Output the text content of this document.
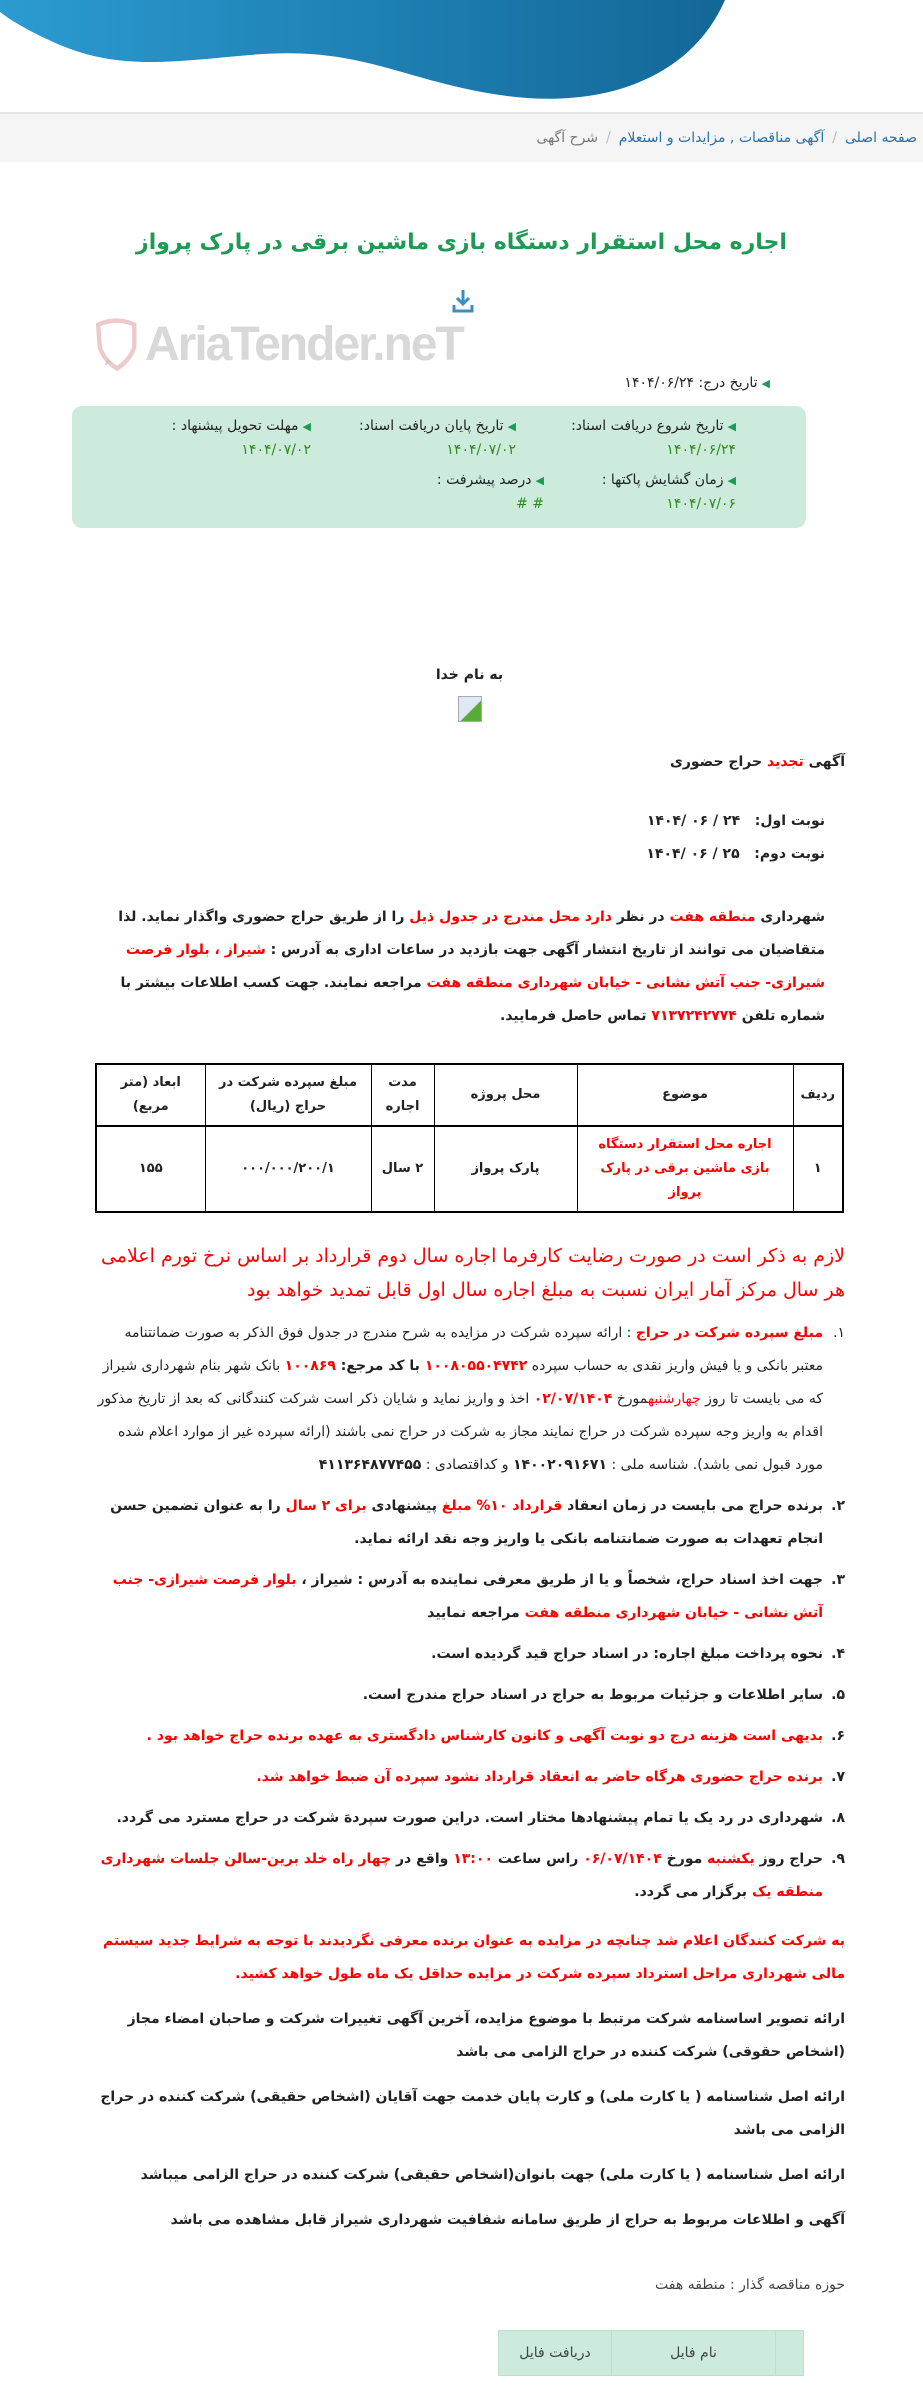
صفحه اصلی
/
آگهی مناقصات , مزایدات و استعلام
/
شرح آگهی
اجاره محل استقرار دستگاه بازی ماشین برقی در پارک پرواز
AriaTender.neT
◀تاریخ درج: ۱۴۰۴/۰۶/۲۴
◀تاریخ شروع دریافت اسناد:
۱۴۰۴/۰۶/۲۴
◀تاریخ پایان دریافت اسناد:
۱۴۰۴/۰۷/۰۲
◀مهلت تحویل پیشنهاد :
۱۴۰۴/۰۷/۰۲
◀زمان گشایش پاکتها :
۱۴۰۴/۰۷/۰۶
◀درصد پیشرفت :
# #
به نام خدا
آگهی تجدید حراج حضوری
نوبت اول:   ۲۴ / ۰۶ /۱۴۰۴
نوبت دوم:   ۲۵ / ۰۶ /۱۴۰۴

شهرداری منطقه هفت در نظر دارد محل مندرج در جدول ذیل را از طریق حراج حضوری واگذار نماید. لذا متقاضیان می توانند از تاریخ انتشار آگهی جهت بازدید در ساعات اداری به آدرس : شیراز ، بلوار فرصت شیرازی- جنب آتش نشانی - خیابان شهرداری منطقه هفت مراجعه نمایند. جهت کسب اطلاعات بیشتر با شماره تلفن ۷۱۳۷۲۴۲۷۷۴ تماس حاصل فرمایید.

ردیف	موضوع	محل پروژه	مدت اجاره	مبلغ سپرده شرکت در حراج (ریال)	ابعاد (متر مربع)
۱	اجاره محل استقرار دستگاه بازی ماشین برقی در پارک پرواز	پارک پرواز	۲ سال	۰۰۰/۰۰۰/۲۰۰/۱	۱۵۵

لازم به ذکر است در صورت رضایت کارفرما اجاره سال دوم قرارداد بر اساس نرخ تورم اعلامی هر سال مرکز آمار ایران نسبت به مبلغ اجاره سال اول قابل تمدید خواهد بود

۱.
مبلغ سپرده شرکت در حراج : ارائه سپرده شرکت در مزایده به شرح مندرج در جدول فوق الذکر به صورت ضمانتنامه معتبر بانکی و یا فیش واریز نقدی به حساب سپرده ۱۰۰۸۰۵۵۰۴۷۴۲ با کد مرجع: ۱۰۰۸۶۹ بانک شهر بنام شهرداری شیراز که می بایست تا روز چهارشنبهمورخ ۰۲/۰۷/۱۴۰۴ اخذ و واریز نماید و شایان ذکر است شرکت کنندگانی که بعد از تاریخ مذکور اقدام به واریز وجه سپرده شرکت در حراج نمایند مجاز به شرکت در حراج نمی باشند (ارائه سپرده غیر از موارد اعلام شده مورد قبول نمی باشد). شناسه ملی : ۱۴۰۰۲۰۹۱۶۷۱ و کداقتصادی : ۴۱۱۳۶۴۸۷۷۴۵۵
۲.
برنده حراج می بایست در زمان انعقاد قرارداد ۱۰% مبلغ پیشنهادی برای ۲ سال را به عنوان تضمین حسن انجام تعهدات به صورت ضمانتنامه بانکی یا واریز وجه نقد ارائه نماید.
۳.
جهت اخذ اسناد حراج، شخصاً و یا از طریق معرفی نماینده به آدرس : شیراز ، بلوار فرصت شیرازی- جنب آتش نشانی - خیابان شهرداری منطقه هفت مراجعه نمایید
۴.
نحوه پرداخت مبلغ اجاره: در اسناد حراج قید گردیده است.
۵.
سایر اطلاعات و جزئیات مربوط به حراج در اسناد حراج مندرج است.
۶.
بدیهی است هزینه درج دو نوبت آگهی و کانون کارشناس دادگستری به عهده برنده حراج خواهد بود .
۷.
برنده حراج حضوری هرگاه حاضر به انعقاد قرارداد نشود سپرده آن ضبط خواهد شد.
۸.
شهرداری در رد یک یا تمام پیشنهادها مختار است. دراین صورت سپردهَ شرکت در حراج مسترد می گردد.
۹.
حراج روز یکشنبه مورخ ۰۶/۰۷/۱۴۰۴ راس ساعت ۱۳:۰۰ واقع در چهار راه خلد برین-سالن جلسات شهرداری منطقه یک برگزار می گردد.

به شرکت کنندگان اعلام شد چنانچه در مزایده به عنوان برنده معرفی نگردیدند با توجه به شرایط جدید سیستم مالی شهرداری مراحل استرداد سپرده شرکت در مزایده حداقل یک ماه طول خواهد کشید.

ارائه تصویر اساسنامه شرکت مرتبط با موضوع مزایده، آخرین آگهی تغییرات شرکت و صاحبان امضاء مجاز (اشخاص حقوقی) شرکت کننده در حراج الزامی می باشد

ارائه اصل شناسنامه ( یا کارت ملی) و کارت پایان خدمت جهت آقایان (اشخاص حقیقی) شرکت کننده در حراج الزامی می باشد

ارائه اصل شناسنامه ( یا کارت ملی) جهت بانوان(اشخاص حقیقی) شرکت کننده در حراج الزامی میباشد

آگهی و اطلاعات مربوط به حراج از طریق سامانه شفافیت شهرداری شیراز قابل مشاهده می باشد

حوزه مناقصه گذار : منطقه هفت

	نام فایل	دریافت فایل
